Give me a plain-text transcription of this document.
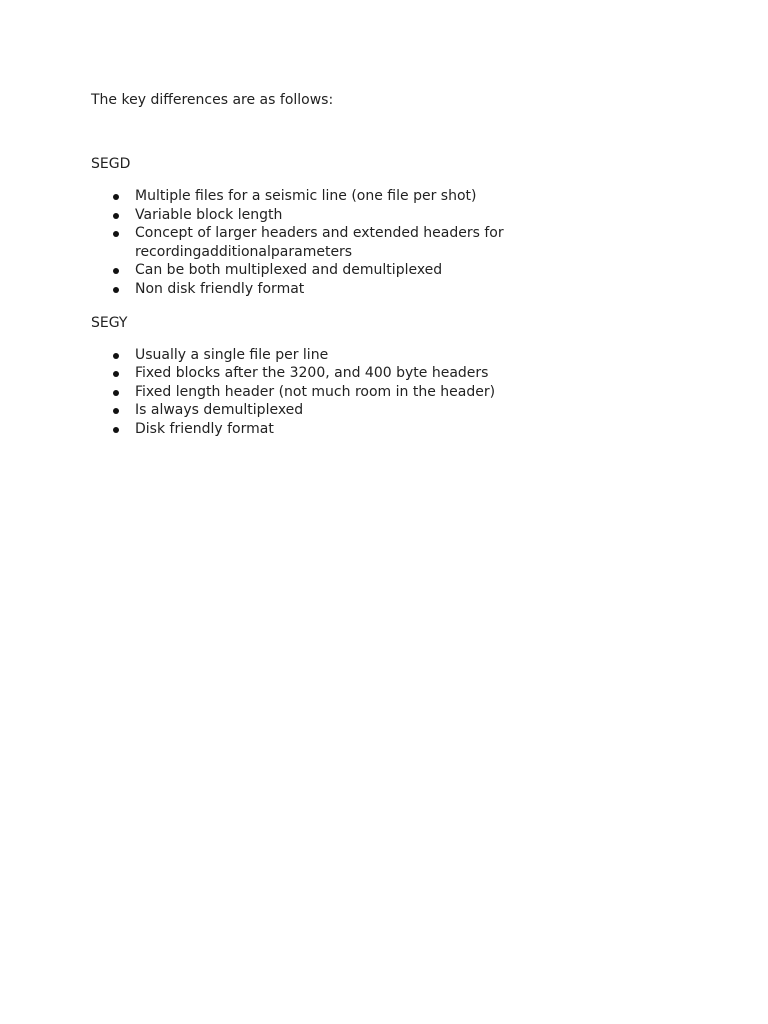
The key differences are as follows:

SEGD

Multiple files for a seismic line (one file per shot)
Variable block length
Concept of larger headers and extended headers for recordingadditionalparameters
Can be both multiplexed and demultiplexed
Non disk friendly format

SEGY

Usually a single file per line
Fixed blocks after the 3200, and 400 byte headers
Fixed length header (not much room in the header)
Is always demultiplexed
Disk friendly format
